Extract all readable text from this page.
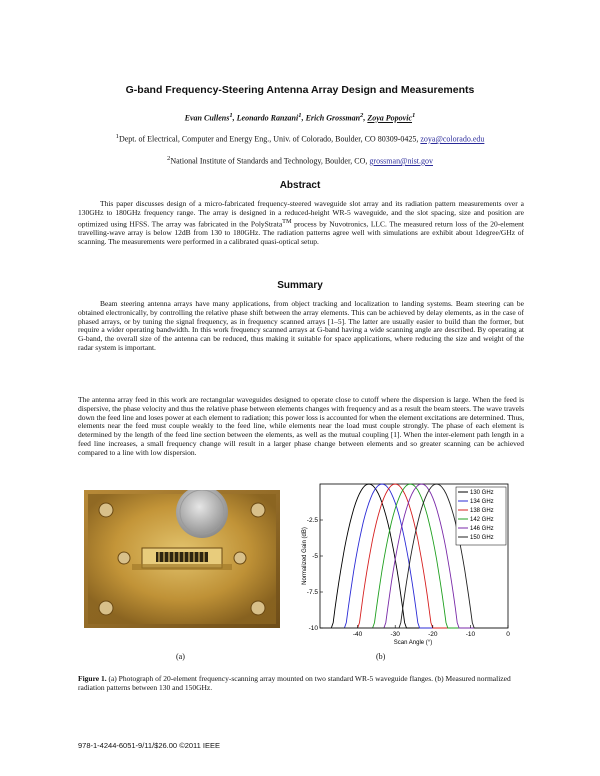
G-band Frequency-Steering Antenna Array Design and Measurements
Evan Cullens$^1$, Leonardo Ranzani$^1$, Erich Grossman$^2$, Zoya Popovic$^1$
$^1$Dept. of Electrical, Computer and Energy Eng., Univ. of Colorado, Boulder, CO 80309-0425, zoya@colorado.edu
$^2$National Institute of Standards and Technology, Boulder, CO, grossman@nist.gov
Abstract
This paper discusses design of a micro-fabricated frequency-steered waveguide slot array and its radiation pattern measurements over a 130GHz to 180GHz frequency range. The array is designed in a reduced-height WR-5 waveguide, and the slot spacing, size and position are optimized using HFSS. The array was fabricated in the PolyStrata™ process by Nuvotronics, LLC. The measured return loss of the 20-element travelling-wave array is below 12dB from 130 to 180GHz. The radiation patterns agree well with simulations are exhibit about 1degree/GHz of scanning. The measurements were performed in a calibrated quasi-optical setup.
Summary
Beam steering antenna arrays have many applications, from object tracking and localization to landing systems. Beam steering can be obtained electronically, by controlling the relative phase shift between the array elements. This can be achieved by delay elements, as in the case of phased arrays, or by tuning the signal frequency, as in frequency scanned arrays [1–5]. The latter are usually easier to build than the former, but require a wider operating bandwidth. In this work frequency scanned arrays at G-band having a wide scanning angle are described. By operating at G-band, the overall size of the antenna can be reduced, thus making it suitable for space applications, where reducing the size and weight of the radar system is important.
The antenna array feed in this work are rectangular waveguides designed to operate close to cutoff where the dispersion is large. When the feed is dispersive, the phase velocity and thus the relative phase between elements changes with frequency and as a result the beam steers. The wave travels down the feed line and loses power at each element to radiation; this power loss is accounted for when the element excitations are determined. Thus, elements near the feed must couple weakly to the feed line, while elements near the load must couple strongly. The phase of each element is determined by the length of the feed line section between the elements, as well as the mutual coupling [1]. When the inter-element path length in a feed line increases, a small frequency change will result in a larger phase change between elements and so greater scanning can be achieved compared to a line with low dispersion.
-40	-30	-20	-10	0
-2.5
-5
-7.5
-10
130 GHz
134 GHz
138 GHz
142 GHz
146 GHz
150 GHz
Normalized Gain (dB)
Scan Angle (°)
(a)	(b)
Figure 1. (a) Photograph of 20-element frequency-scanning array mounted on two standard WR-5 waveguide flanges. (b) Measured normalized radiation patterns between 130 and 150GHz.
978-1-4244-6051-9/11/$26.00 ©2011 IEEE
